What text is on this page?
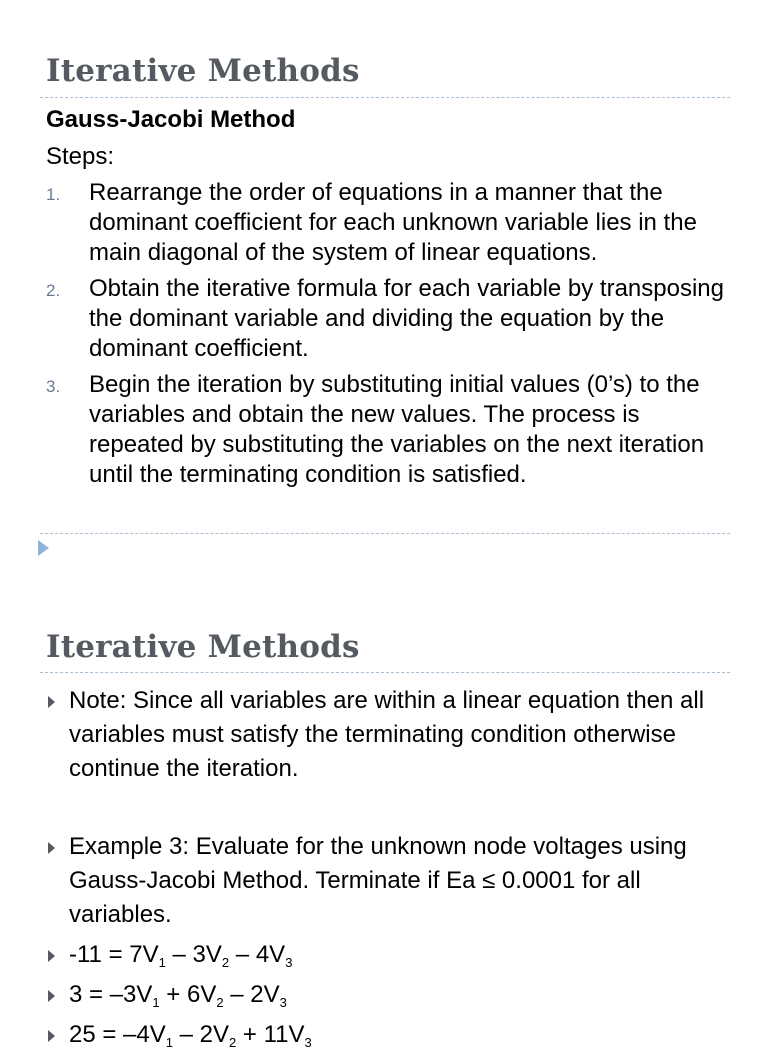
Iterative Methods

Gauss-Jacobi Method

Steps:

1. Rearrange the order of equations in a manner that the dominant coefficient for each unknown variable lies in the main diagonal of the system of linear equations.
2. Obtain the iterative formula for each variable by transposing the dominant variable and dividing the equation by the dominant coefficient.
3. Begin the iteration by substituting initial values (0’s) to the variables and obtain the new values. The process is repeated by substituting the variables on the next iteration until the terminating condition is satisfied.
Iterative Methods
Note: Since all variables are within a linear equation then all variables must satisfy the terminating condition otherwise continue the iteration.
Example 3: Evaluate for the unknown node voltages using Gauss-Jacobi Method. Terminate if Ea ≤ 0.0001 for all variables.
$-11 = 7V_1 - 3V_2 - 4V_3$
$3 = -3V_1 + 6V_2 - 2V_3$
$25 = -4V_1 - 2V_2 + 11V_3$
